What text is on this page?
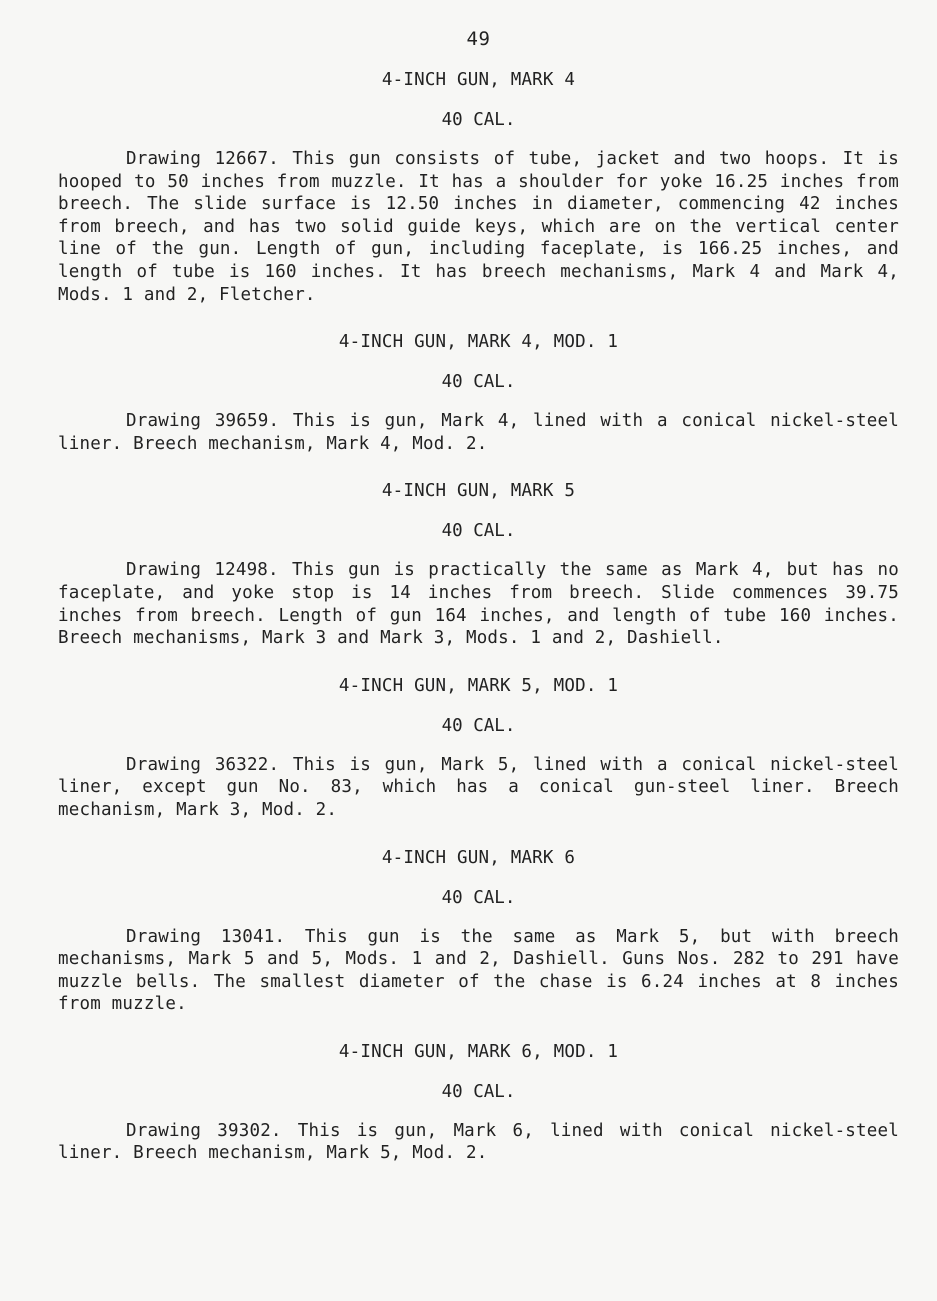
49
4-INCH GUN, MARK 4
40 CAL.

Drawing 12667. This gun consists of tube, jacket and two hoops. It is hooped to 50 inches from muzzle. It has a shoulder for yoke 16.25 inches from breech. The slide surface is 12.50 inches in diameter, commencing 42 inches from breech, and has two solid guide keys, which are on the vertical center line of the gun. Length of gun, including faceplate, is 166.25 inches, and length of tube is 160 inches. It has breech mechanisms, Mark 4 and Mark 4, Mods. 1 and 2, Fletcher.

4-INCH GUN, MARK 4, MOD. 1
40 CAL.

Drawing 39659. This is gun, Mark 4, lined with a conical nickel-steel liner. Breech mechanism, Mark 4, Mod. 2.

4-INCH GUN, MARK 5
40 CAL.

Drawing 12498. This gun is practically the same as Mark 4, but has no faceplate, and yoke stop is 14 inches from breech. Slide commences 39.75 inches from breech. Length of gun 164 inches, and length of tube 160 inches. Breech mechanisms, Mark 3 and Mark 3, Mods. 1 and 2, Dashiell.

4-INCH GUN, MARK 5, MOD. 1
40 CAL.

Drawing 36322. This is gun, Mark 5, lined with a conical nickel-steel liner, except gun No. 83, which has a conical gun-steel liner. Breech mechanism, Mark 3, Mod. 2.

4-INCH GUN, MARK 6
40 CAL.

Drawing 13041. This gun is the same as Mark 5, but with breech mechanisms, Mark 5 and 5, Mods. 1 and 2, Dashiell. Guns Nos. 282 to 291 have muzzle bells. The smallest diameter of the chase is 6.24 inches at 8 inches from muzzle.

4-INCH GUN, MARK 6, MOD. 1
40 CAL.

Drawing 39302. This is gun, Mark 6, lined with conical nickel-steel liner. Breech mechanism, Mark 5, Mod. 2.
